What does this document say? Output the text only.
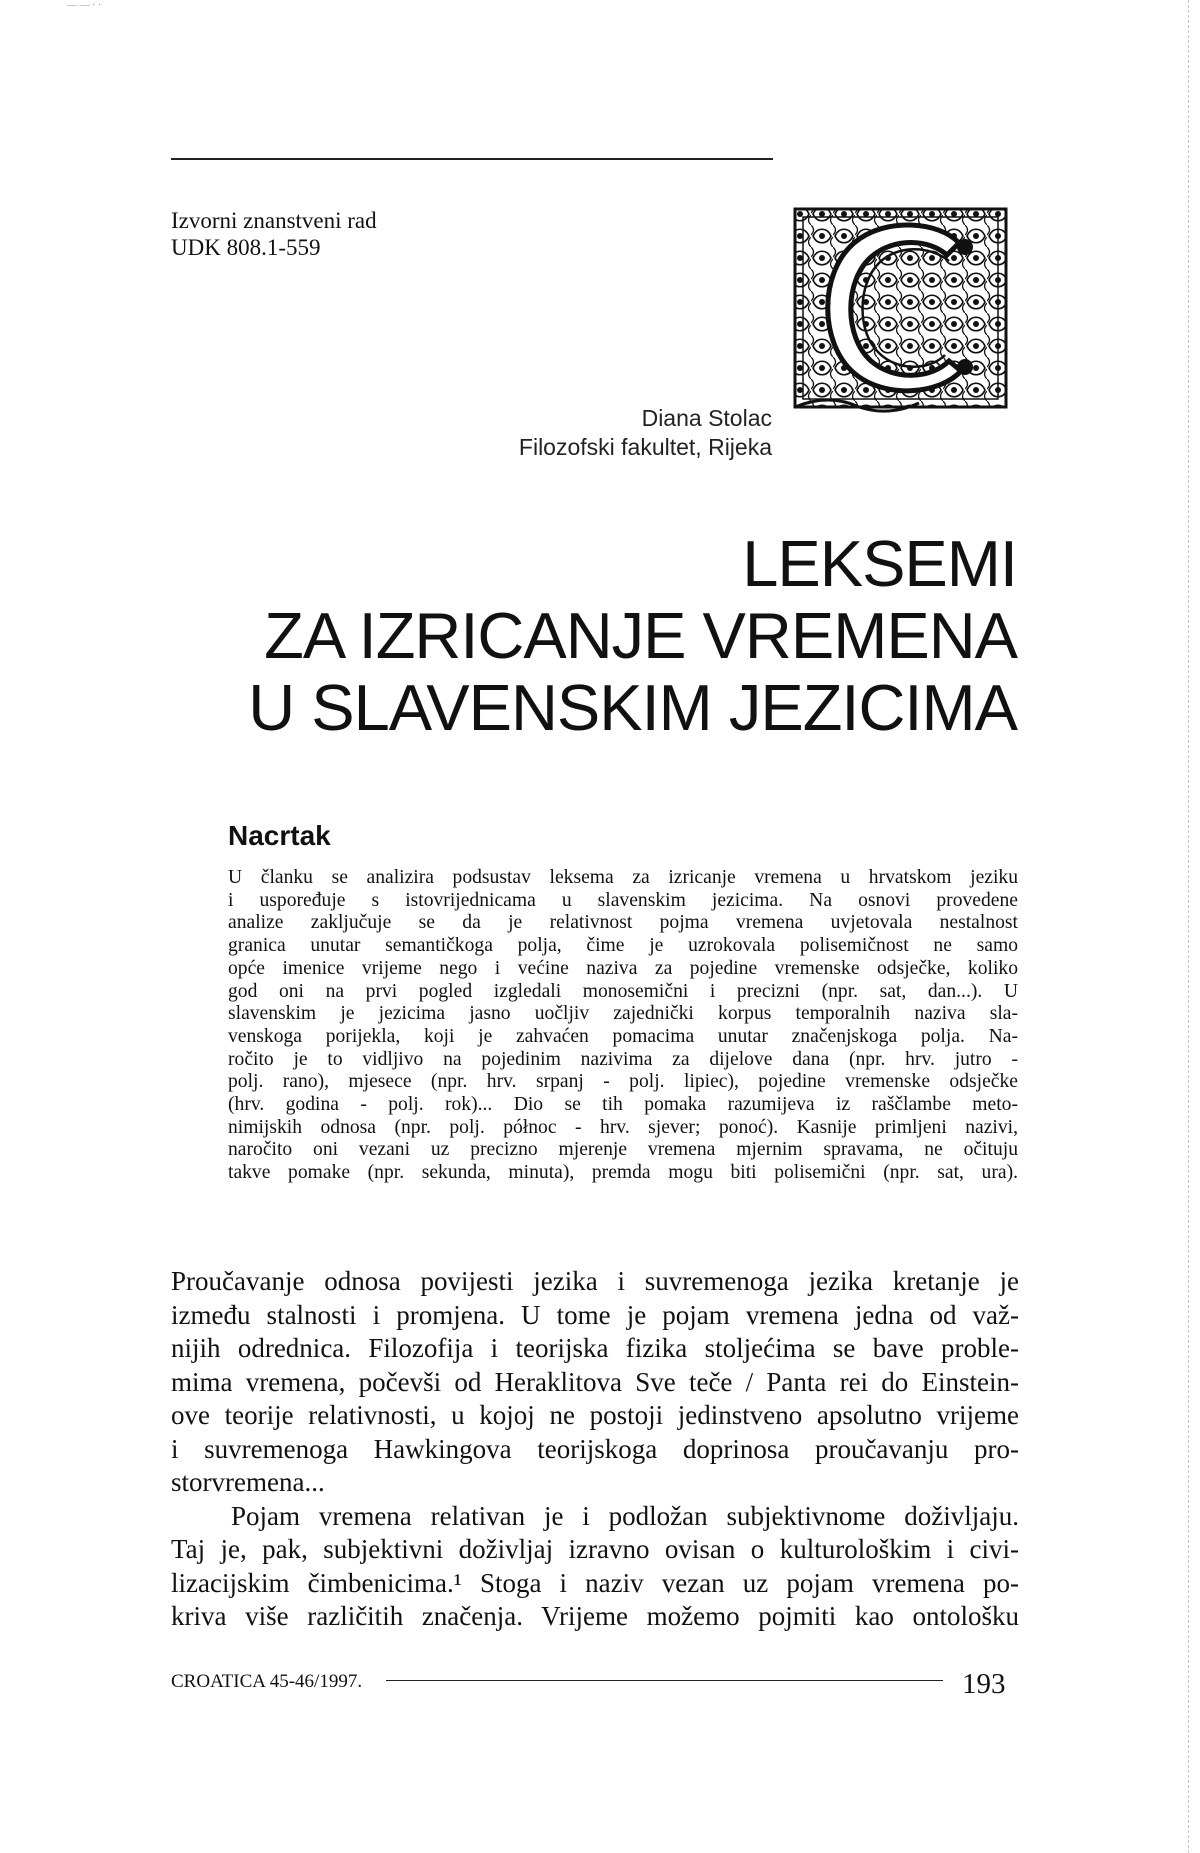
— — · ·
Izvorni znanstveni rad
UDK 808.1-559
Diana Stolac
Filozofski fakultet, Rijeka
LEKSEMI
ZA IZRICANJE VREMENA
U SLAVENSKIM JEZICIMA
Nacrtak
U članku se analizira podsustav leksema za izricanje vremena u hrvatskom jeziku
i uspoređuje s istovrijednicama u slavenskim jezicima. Na osnovi provedene
analize zaključuje se da je relativnost pojma vremena uvjetovala nestalnost
granica unutar semantičkoga polja, čime je uzrokovala polisemičnost ne samo
opće imenice vrijeme nego i većine naziva za pojedine vremenske odsječke, koliko
god oni na prvi pogled izgledali monosemični i precizni (npr. sat, dan...). U
slavenskim je jezicima jasno uočljiv zajednički korpus temporalnih naziva sla-
venskoga porijekla, koji je zahvaćen pomacima unutar značenjskoga polja. Na-
ročito je to vidljivo na pojedinim nazivima za dijelove dana (npr. hrv. jutro -
polj. rano), mjesece (npr. hrv. srpanj - polj. lipiec), pojedine vremenske odsječke
(hrv. godina - polj. rok)... Dio se tih pomaka razumijeva iz raščlambe meto-
nimijskih odnosa (npr. polj. północ - hrv. sjever; ponoć). Kasnije primljeni nazivi,
naročito oni vezani uz precizno mjerenje vremena mjernim spravama, ne očituju
takve pomake (npr. sekunda, minuta), premda mogu biti polisemični (npr. sat, ura).
Proučavanje odnosa povijesti jezika i suvremenoga jezika kretanje je
između stalnosti i promjena. U tome je pojam vremena jedna od važ-
nijih odrednica. Filozofija i teorijska fizika stoljećima se bave proble-
mima vremena, počevši od Heraklitova Sve teče / Panta rei do Einstein-
ove teorije relativnosti, u kojoj ne postoji jedinstveno apsolutno vrijeme
i suvremenoga Hawkingova teorijskoga doprinosa proučavanju pro-
storvremena...
Pojam vremena relativan je i podložan subjektivnome doživljaju.
Taj je, pak, subjektivni doživljaj izravno ovisan o kulturološkim i civi-
lizacijskim čimbenicima.¹ Stoga i naziv vezan uz pojam vremena po-
kriva više različitih značenja. Vrijeme možemo pojmiti kao ontološku
CROATICA 45-46/1997.	193
